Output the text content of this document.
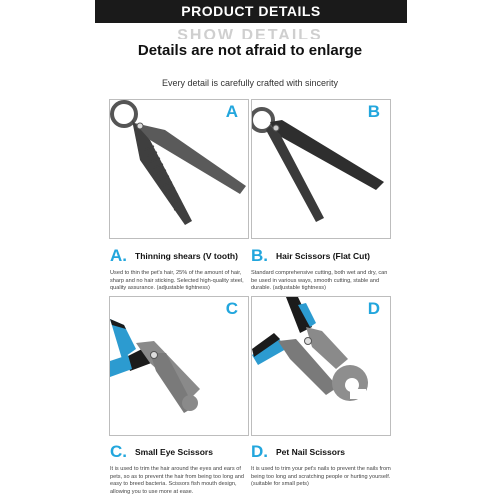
PRODUCT DETAILS
SHOW DETAILS
Details are not afraid to enlarge
Every detail is carefully crafted with sincerity
A	B
A. Thinning shears (V tooth)
Used to thin the pet's hair, 25% of the amount of hair, sharp and no hair sticking. Selected high-quality steel, quality assurance. (adjustable tightness)
B. Hair Scissors (Flat Cut)
Standard comprehensive cutting, both wet and dry, can be used in various ways, smooth cutting, stable and durable. (adjustable tightness)
C	D
C. Small Eye Scissors
It is used to trim the hair around the eyes and ears of pets, so as to prevent the hair from being too long and easy to breed bacteria. Scissors fish mouth design, allowing you to use more at ease.
D. Pet Nail Scissors
It is used to trim your pet's nails to prevent the nails from being too long and scratching people or hurting yourself. (suitable for small pets)
